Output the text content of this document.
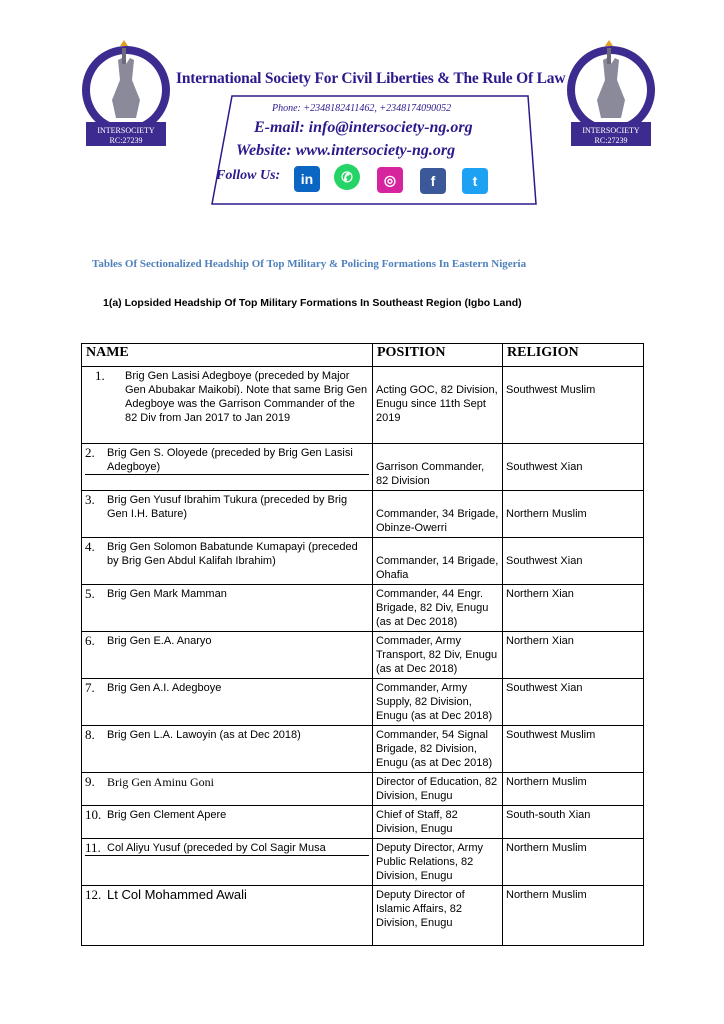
INTERSOCIETY
RC:27239
INTERSOCIETY
RC:27239
International Society For Civil Liberties & The Rule Of Law
Phone: +2348182411462, +2348174090052
E-mail: info@intersociety-ng.org
Website: www.intersociety-ng.org
Follow Us: in ✆ ◎ f	t
Tables Of Sectionalized Headship Of Top Military & Policing Formations In Eastern Nigeria
1(a) Lopsided Headship Of Top Military Formations In Southeast Region (Igbo Land)
NAME	POSITION	RELIGION

1. Brig Gen Lasisi Adegboye (preceded by Major Gen Abubakar Maikobi). Note that same Brig Gen Adegboye was the Garrison Commander of the 82 Div from Jan 2017 to Jan 2019	Acting GOC, 82 Division, Enugu since 11th Sept 2019	Southwest Muslim

2. Brig Gen S. Oloyede (preceded by Brig Gen Lasisi Adegboye)	Garrison Commander, 82 Division	Southwest Xian

3. Brig Gen Yusuf Ibrahim Tukura (preceded by Brig Gen I.H. Bature)	Commander, 34 Brigade, Obinze-Owerri	Northern Muslim

4. Brig Gen Solomon Babatunde Kumapayi (preceded by Brig Gen Abdul Kalifah Ibrahim)	Commander, 14 Brigade, Ohafia	Southwest Xian

5. Brig Gen Mark Mamman	Commander, 44 Engr. Brigade, 82 Div, Enugu (as at Dec 2018)	Northern Xian

6. Brig Gen E.A. Anaryo	Commader, Army Transport, 82 Div, Enugu (as at Dec 2018)	Northern Xian

7. Brig Gen A.I. Adegboye	Commander, Army Supply, 82 Division, Enugu (as at Dec 2018)	Southwest Xian

8. Brig Gen L.A. Lawoyin (as at Dec 2018)	Commander, 54 Signal Brigade, 82 Division, Enugu (as at Dec 2018)	Southwest Muslim

9. Brig Gen Aminu Goni	Director of Education, 82 Division, Enugu	Northern Muslim

10. Brig Gen Clement Apere	Chief of Staff, 82 Division, Enugu	South-south Xian

11. Col Aliyu Yusuf (preceded by Col Sagir Musa	Deputy Director, Army Public Relations, 82 Division, Enugu	Northern Muslim

12. Lt Col Mohammed Awali	Deputy Director of Islamic Affairs, 82 Division, Enugu	Northern Muslim
